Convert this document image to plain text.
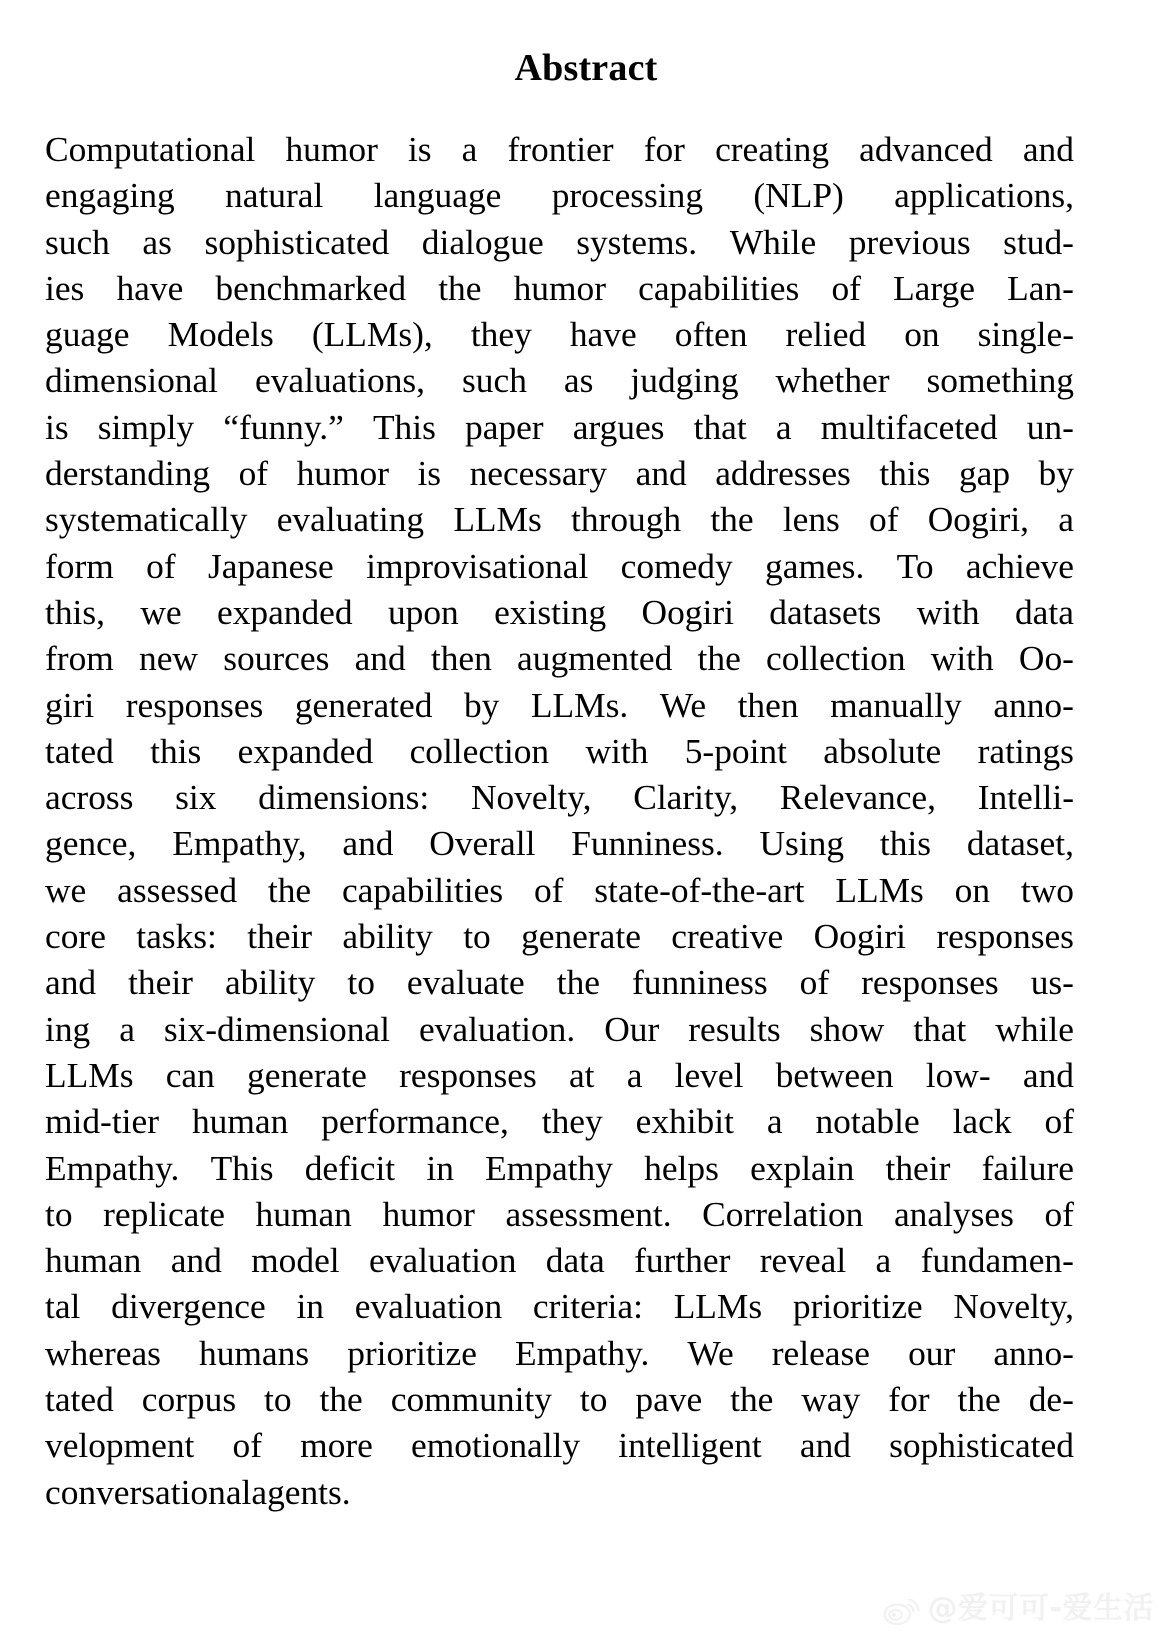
Abstract
Computational humor is a frontier for creating advanced and
engaging natural language processing (NLP) applications,
such as sophisticated dialogue systems. While previous stud-
ies have benchmarked the humor capabilities of Large Lan-
guage Models (LLMs), they have often relied on single-
dimensional evaluations, such as judging whether something
is simply “funny.” This paper argues that a multifaceted un-
derstanding of humor is necessary and addresses this gap by
systematically evaluating LLMs through the lens of Oogiri, a
form of Japanese improvisational comedy games. To achieve
this, we expanded upon existing Oogiri datasets with data
from new sources and then augmented the collection with Oo-
giri responses generated by LLMs. We then manually anno-
tated this expanded collection with 5-point absolute ratings
across six dimensions: Novelty, Clarity, Relevance, Intelli-
gence, Empathy, and Overall Funniness. Using this dataset,
we assessed the capabilities of state-of-the-art LLMs on two
core tasks: their ability to generate creative Oogiri responses
and their ability to evaluate the funniness of responses us-
ing a six-dimensional evaluation. Our results show that while
LLMs can generate responses at a level between low- and
mid-tier human performance, they exhibit a notable lack of
Empathy. This deficit in Empathy helps explain their failure
to replicate human humor assessment. Correlation analyses of
human and model evaluation data further reveal a fundamen-
tal divergence in evaluation criteria: LLMs prioritize Novelty,
whereas humans prioritize Empathy. We release our anno-
tated corpus to the community to pave the way for the de-
velopment of more emotionally intelligent and sophisticated
conversational agents.
@爱可可-爱生活
